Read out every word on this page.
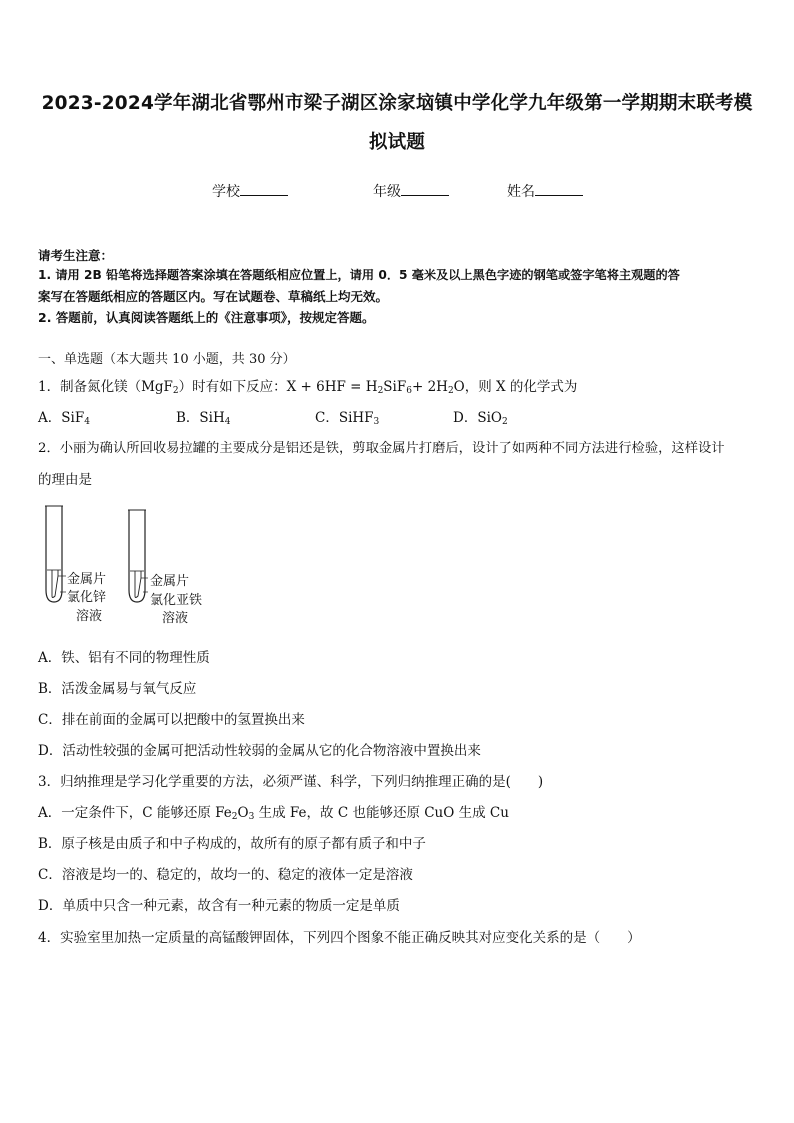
2023-2024学年湖北省鄂州市梁子湖区涂家垴镇中学化学九年级第一学期期末联考模
拟试题
学校	年级	姓名
请考生注意：
1. 请用 2B 铅笔将选择题答案涂填在答题纸相应位置上，请用 0．5 毫米及以上黑色字迹的钢笔或签字笔将主观题的答
案写在答题纸相应的答题区内。写在试题卷、草稿纸上均无效。
2. 答题前，认真阅读答题纸上的《注意事项》，按规定答题。
一、单选题（本大题共 10 小题，共 30 分）
1．制备氮化镁（MgF$_2$）时有如下反应：$X + 6HF = H_2SiF_6+ 2H_2O$，则 X 的化学式为
A．SiF$_4$	B．SiH$_4$	C．SiHF$_3$	D．SiO$_2$
2．小丽为确认所回收易拉罐的主要成分是铝还是铁，剪取金属片打磨后，设计了如两种不同方法进行检验，这样设计
的理由是
金属片
氯化锌
溶液
金属片
氯化亚铁
溶液
A．铁、铝有不同的物理性质
B．活泼金属易与氧气反应
C．排在前面的金属可以把酸中的氢置换出来
D．活动性较强的金属可把活动性较弱的金属从它的化合物溶液中置换出来
3．归纳推理是学习化学重要的方法，必须严谨、科学，下列归纳推理正确的是(　　)
A．一定条件下，C 能够还原 $Fe_2O_3$ 生成 Fe，故 C 也能够还原 CuO 生成 Cu
B．原子核是由质子和中子构成的，故所有的原子都有质子和中子
C．溶液是均一的、稳定的，故均一的、稳定的液体一定是溶液
D．单质中只含一种元素，故含有一种元素的物质一定是单质
4．实验室里加热一定质量的高锰酸钾固体，下列四个图象不能正确反映其对应变化关系的是（　　）
